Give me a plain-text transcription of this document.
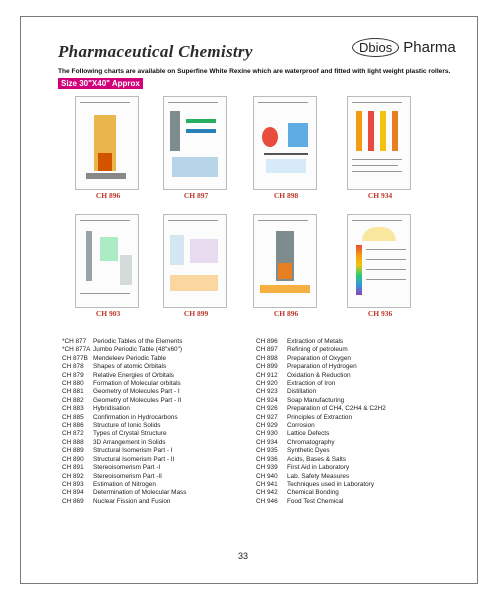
Pharmaceutical Chemistry	Dbios Pharma
The Following charts are available on Superfine White Rexine which are waterproof and fitted with light weight plastic rollers.
Size 30"X40" Approx
CH 896	CH 897	CH 898	CH 934
CH 903	CH 899	CH 896	CH 936
*CH 877 Periodic Tables of the Elements
*CH 877A Jumbo Periodic Table (48"x60")
CH 877B Mendeleev Periodic Table
CH 878 Shapes of atomic Orbitals
CH 879 Relative Energies of Orbitals
CH 880 Formation of Molecular orbitals
CH 881 Geometry of Molecules Part - I
CH 882 Geometry of Molecules Part - II
CH 883 Hybridisation
CH 885 Confirmation in Hydrocarbons
CH 886 Structure of Ionic Solids
CH 872 Types of Crystal Structure
CH 888 3D Arrangement in Solids
CH 889 Structural Isomerism Part - I
CH 890 Structural Isomerism Part - II
CH 891 Stereoisomerism Part -I
CH 892 Stereoisomerism Part -II
CH 893 Estimation of Nitrogen
CH 894 Determination of Molecular Mass
CH 869 Nuclear Fission and Fusion
CH 896 Extraction of Metals
CH 897 Refining of petroleum
CH 898 Preparation of Oxygen
CH 899 Preparation of Hydrogen
CH 912 Oxidation & Reduction
CH 920 Extraction of Iron
CH 923 Distillation
CH 924 Soap Manufacturing
CH 926 Preparation of CH4, C2H4 & C2H2
CH 927 Principles of Extraction
CH 929 Corrosion
CH 930 Lattice Defects
CH 934 Chromatography
CH 935 Synthetic Dyes
CH 936 Acids, Bases & Salts
CH 939 First Aid in Laboratory
CH 940 Lab. Safety Measures
CH 941 Techniques used in Laboratory
CH 942 Chemical Bonding
CH 946 Food Test Chemical
33
